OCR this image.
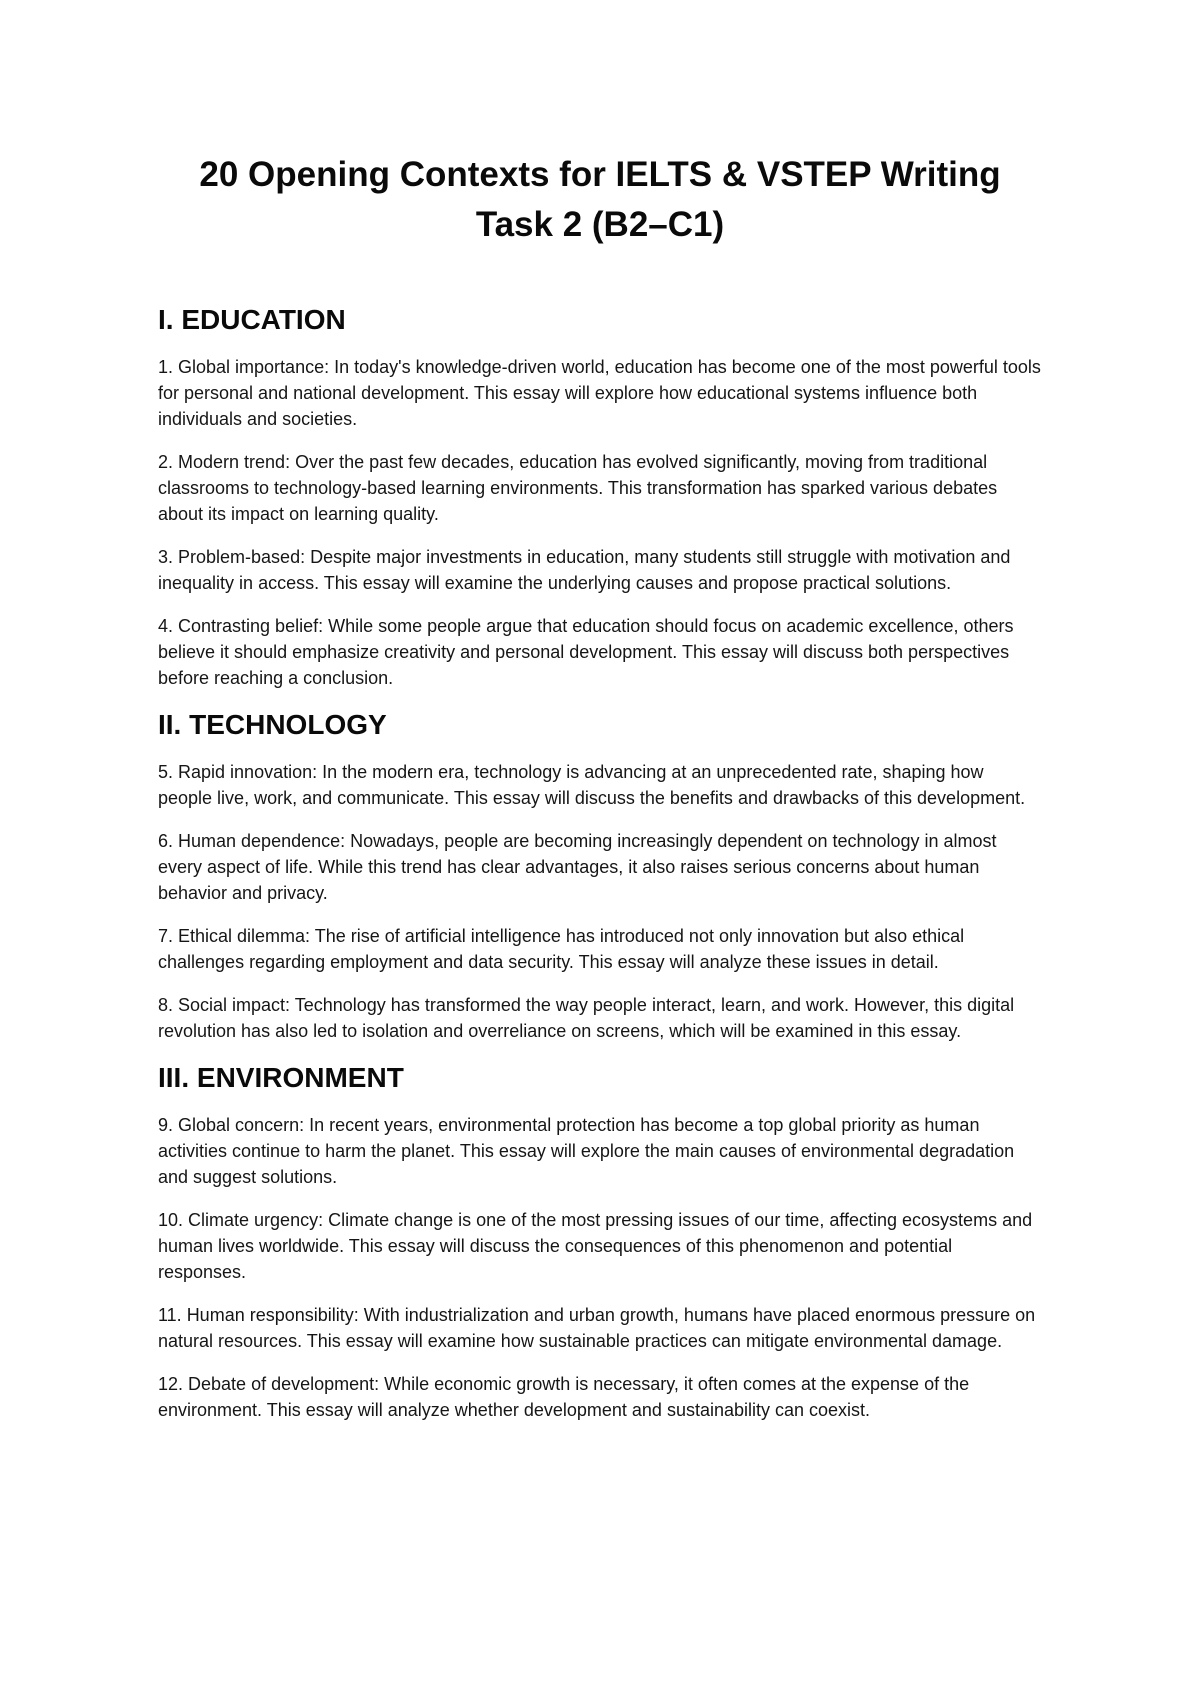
20 Opening Contexts for IELTS & VSTEP Writing
Task 2 (B2–C1)
I. EDUCATION

1. Global importance: In today's knowledge-driven world, education has become one of the most powerful tools for personal and national development. This essay will explore how educational systems influence both individuals and societies.

2. Modern trend: Over the past few decades, education has evolved significantly, moving from traditional classrooms to technology-based learning environments. This transformation has sparked various debates about its impact on learning quality.

3. Problem-based: Despite major investments in education, many students still struggle with motivation and inequality in access. This essay will examine the underlying causes and propose practical solutions.

4. Contrasting belief: While some people argue that education should focus on academic excellence, others believe it should emphasize creativity and personal development. This essay will discuss both perspectives before reaching a conclusion.

II. TECHNOLOGY

5. Rapid innovation: In the modern era, technology is advancing at an unprecedented rate, shaping how people live, work, and communicate. This essay will discuss the benefits and drawbacks of this development.

6. Human dependence: Nowadays, people are becoming increasingly dependent on technology in almost every aspect of life. While this trend has clear advantages, it also raises serious concerns about human behavior and privacy.

7. Ethical dilemma: The rise of artificial intelligence has introduced not only innovation but also ethical challenges regarding employment and data security. This essay will analyze these issues in detail.

8. Social impact: Technology has transformed the way people interact, learn, and work. However, this digital revolution has also led to isolation and overreliance on screens, which will be examined in this essay.

III. ENVIRONMENT

9. Global concern: In recent years, environmental protection has become a top global priority as human activities continue to harm the planet. This essay will explore the main causes of environmental degradation and suggest solutions.

10. Climate urgency: Climate change is one of the most pressing issues of our time, affecting ecosystems and human lives worldwide. This essay will discuss the consequences of this phenomenon and potential responses.

11. Human responsibility: With industrialization and urban growth, humans have placed enormous pressure on natural resources. This essay will examine how sustainable practices can mitigate environmental damage.

12. Debate of development: While economic growth is necessary, it often comes at the expense of the environment. This essay will analyze whether development and sustainability can coexist.
